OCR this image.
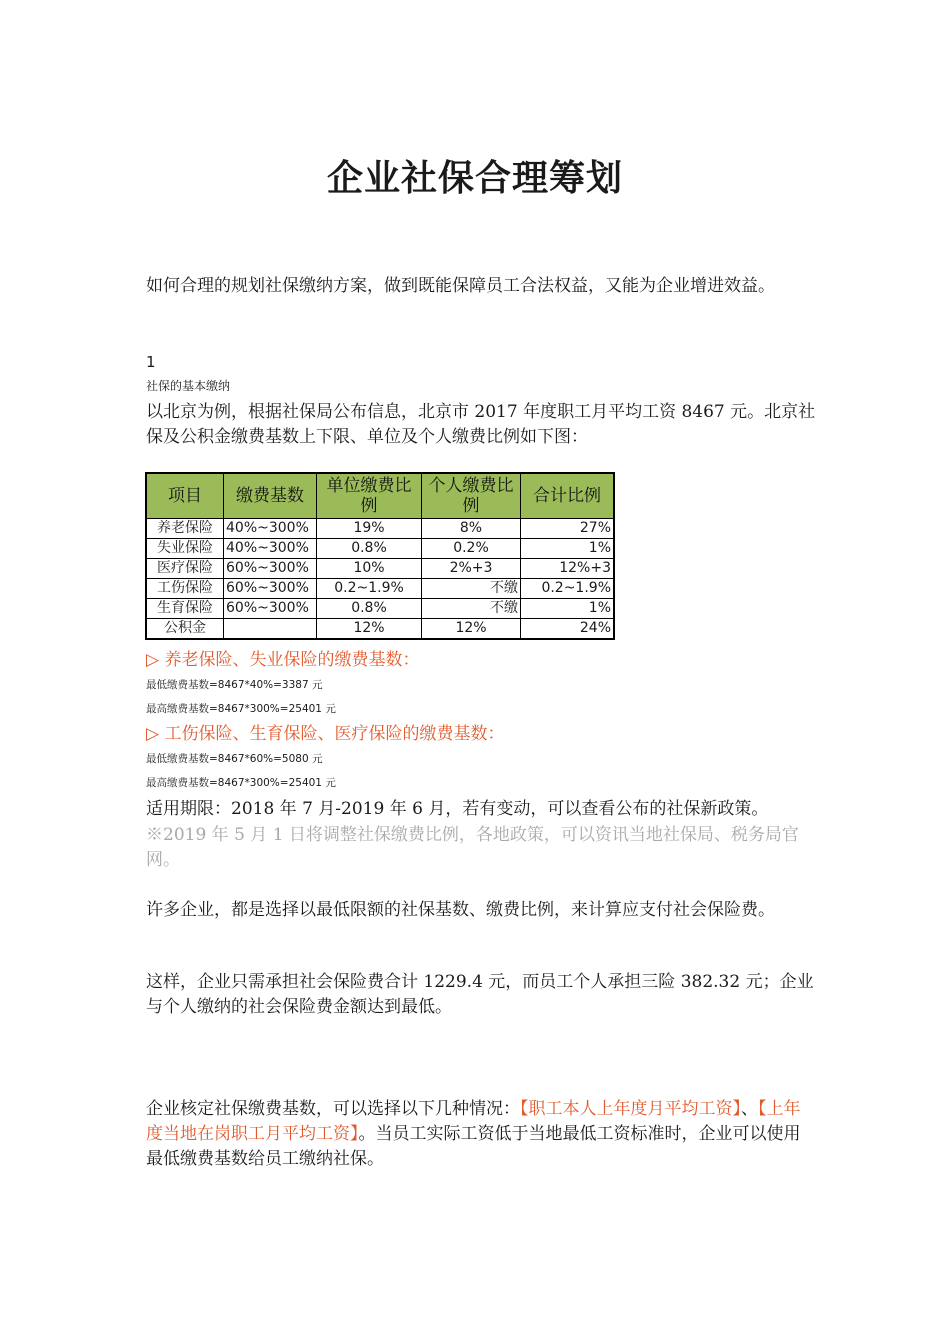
企业社保合理筹划

如何合理的规划社保缴纳方案，做到既能保障员工合法权益，又能为企业增进效益。

1
社保的基本缴纳

以北京为例，根据社保局公布信息，北京市 2017 年度职工月平均工资 8467 元。北京社保及公积金缴费基数上下限、单位及个人缴费比例如下图：

项目	缴费基数	单位缴费比例	个人缴费比例	合计比例
养老保险	40%~300%	19%	8%	27%
失业保险	40%~300%	0.8%	0.2%	1%
医疗保险	60%~300%	10%	2%+3	12%+3
工伤保险	60%~300%	0.2~1.9%	不缴	0.2~1.9%
生育保险	60%~300%	0.8%	不缴	1%
公积金		12%	12%	24%
▷ 养老保险、失业保险的缴费基数：
最低缴费基数=8467*40%=3387 元
最高缴费基数=8467*300%=25401 元
▷ 工伤保险、生育保险、医疗保险的缴费基数：
最低缴费基数=8467*60%=5080 元
最高缴费基数=8467*300%=25401 元

适用期限：2018 年 7 月-2019 年 6 月，若有变动，可以查看公布的社保新政策。

※2019 年 5 月 1 日将调整社保缴费比例，各地政策，可以资讯当地社保局、税务局官网。

许多企业，都是选择以最低限额的社保基数、缴费比例，来计算应支付社会保险费。

这样，企业只需承担社会保险费合计 1229.4 元，而员工个人承担三险 382.32 元；企业与个人缴纳的社会保险费金额达到最低。

企业核定社保缴费基数，可以选择以下几种情况：【职工本人上年度月平均工资】、【上年度当地在岗职工月平均工资】。当员工实际工资低于当地最低工资标准时，企业可以使用最低缴费基数给员工缴纳社保。
